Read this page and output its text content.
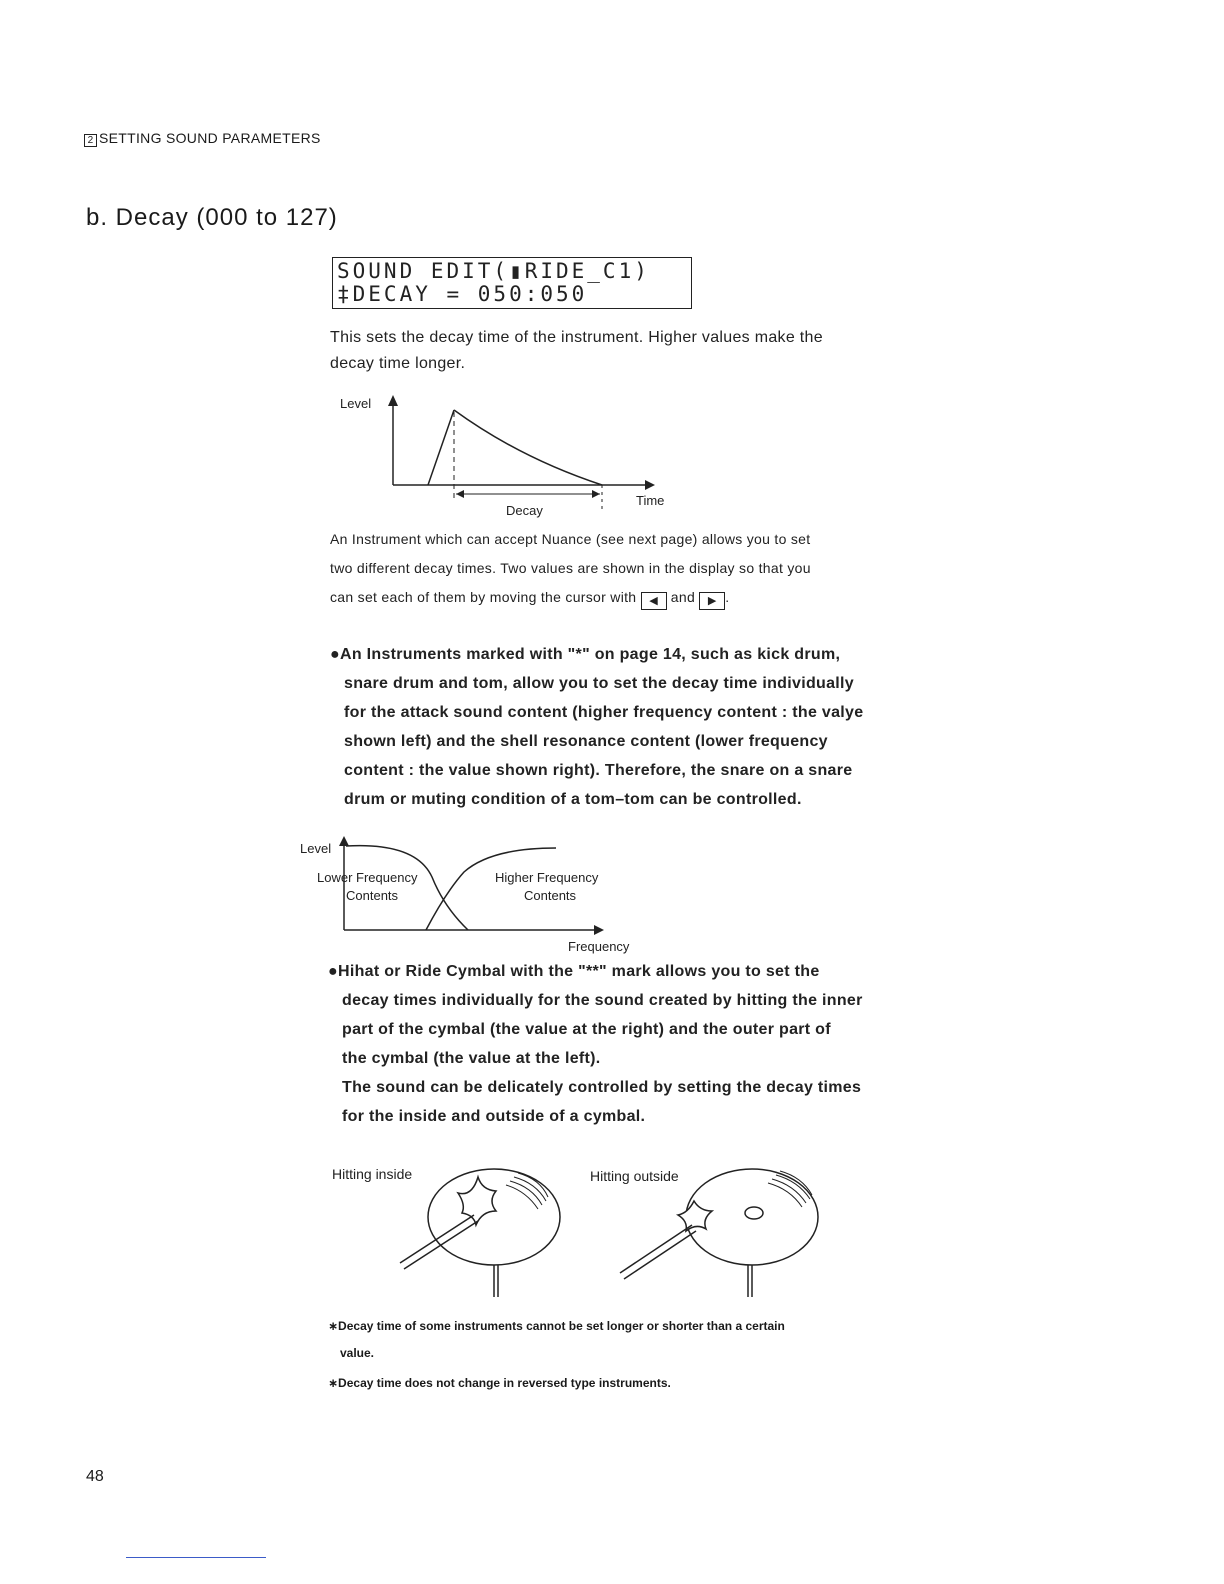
2 SETTING SOUND PARAMETERS
b. Decay (000 to 127)
SOUND EDIT(▮RIDE_C1)
‡DECAY = 050:050
This sets the decay time of the instrument. Higher values make the
decay time longer.
Level
Decay
Time
An Instrument which can accept Nuance (see next page) allows you to set
two different decay times. Two values are shown in the display so that you
can set each of them by moving the cursor with ◀ and ▶ .
●An Instruments marked with "*" on page 14, such as kick drum,
snare drum and tom, allow you to set the decay time individually
for the attack sound content (higher frequency content : the valye
shown left) and the shell resonance content (lower frequency
content : the value shown right). Therefore, the snare on a snare
drum or muting condition of a tom–tom can be controlled.
Level
Lower Frequency
Contents
Higher Frequency
Contents
Frequency
●Hihat or Ride Cymbal with the "**" mark allows you to set the
decay times individually for the sound created by hitting the inner
part of the cymbal (the value at the right) and the outer part of
the cymbal (the value at the left).
The sound can be delicately controlled by setting the decay times
for the inside and outside of a cymbal.
Hitting inside	Hitting outside
∗Decay time of some instruments cannot be set longer or shorter than a certain
value.
∗Decay time does not change in reversed type instruments.
48
